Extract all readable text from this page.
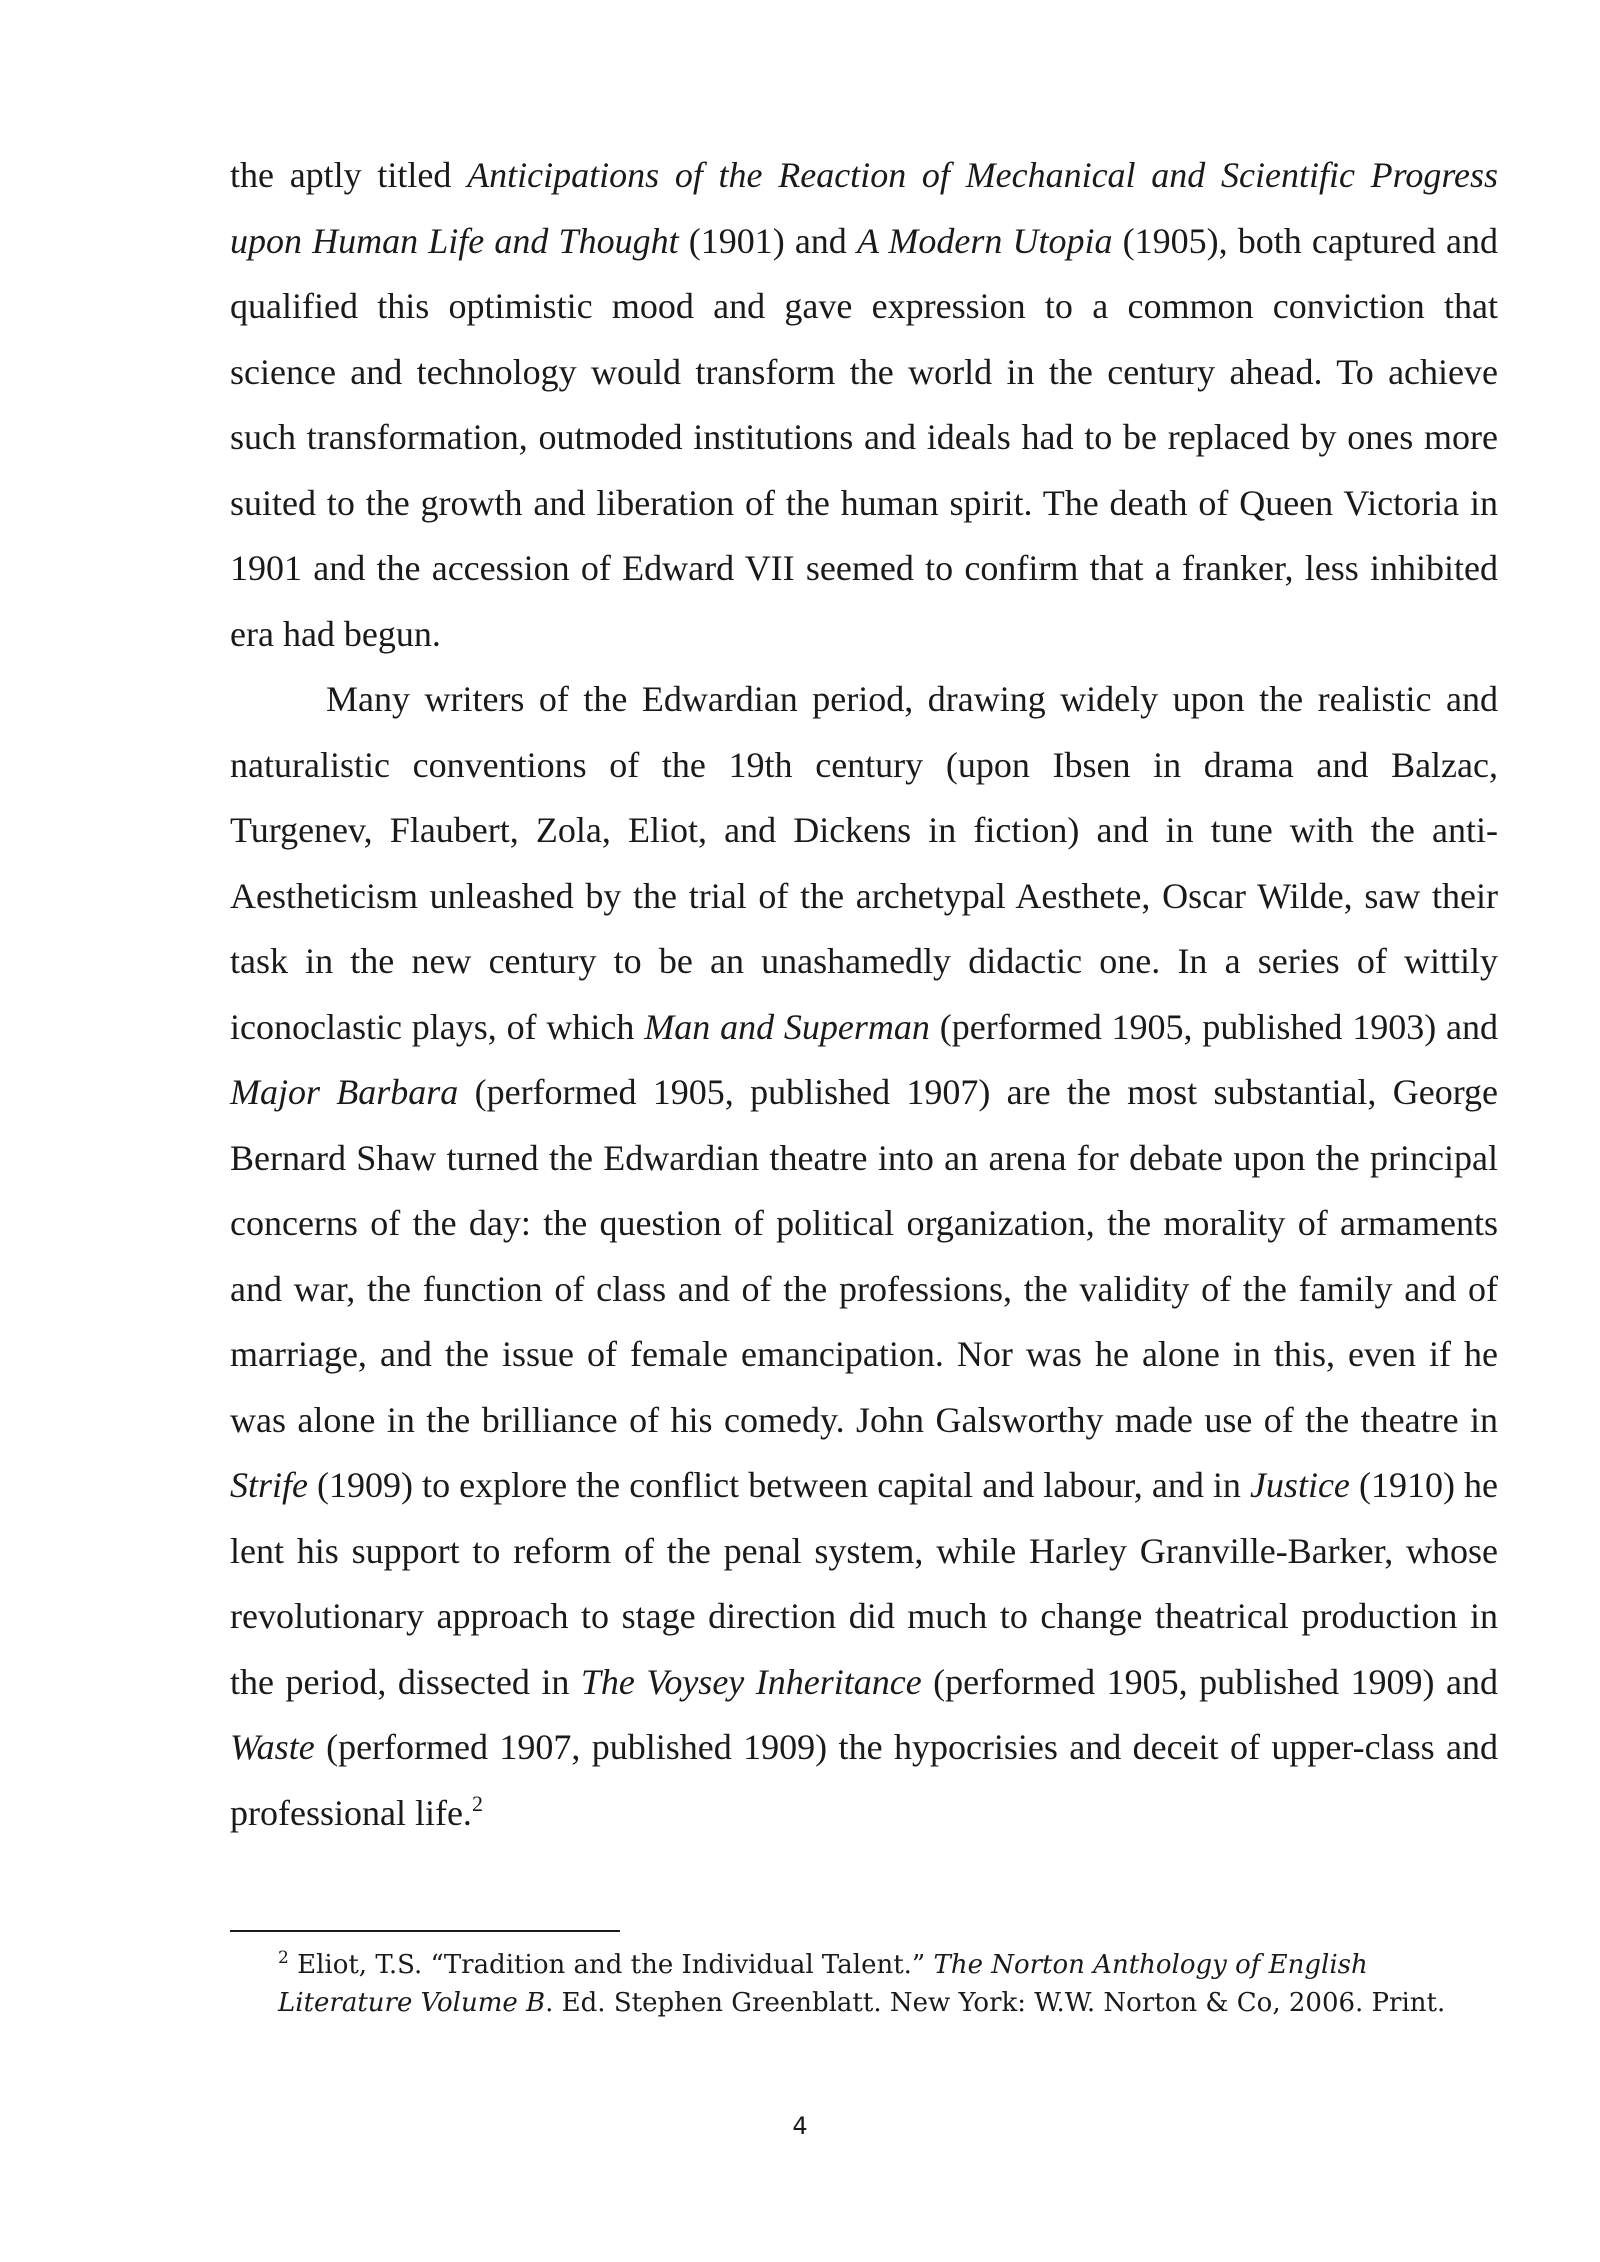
the aptly titled Anticipations of the Reaction of Mechanical and Scientific Progress upon Human Life and Thought (1901) and A Modern Utopia (1905), both captured and qualified this optimistic mood and gave expression to a common conviction that science and technology would transform the world in the century ahead. To achieve such transformation, outmoded institutions and ideals had to be replaced by ones more suited to the growth and liberation of the human spirit. The death of Queen Victoria in 1901 and the accession of Edward VII seemed to confirm that a franker, less inhibited era had begun.

Many writers of the Edwardian period, drawing widely upon the realistic and naturalistic conventions of the 19th century (upon Ibsen in drama and Balzac, Turgenev, Flaubert, Zola, Eliot, and Dickens in fiction) and in tune with the anti-Aestheticism unleashed by the trial of the archetypal Aesthete, Oscar Wilde, saw their task in the new century to be an unashamedly didactic one. In a series of wittily iconoclastic plays, of which Man and Superman (performed 1905, published 1903) and Major Barbara (performed 1905, published 1907) are the most substantial, George Bernard Shaw turned the Edwardian theatre into an arena for debate upon the principal concerns of the day: the question of political organization, the morality of armaments and war, the function of class and of the professions, the validity of the family and of marriage, and the issue of female emancipation. Nor was he alone in this, even if he was alone in the brilliance of his comedy. John Galsworthy made use of the theatre in Strife (1909) to explore the conflict between capital and labour, and in Justice (1910) he lent his support to reform of the penal system, while Harley Granville-Barker, whose revolutionary approach to stage direction did much to change theatrical production in the period, dissected in The Voysey Inheritance (performed 1905, published 1909) and Waste (performed 1907, published 1909) the hypocrisies and deceit of upper-class and professional life.$^2$

$^2$ Eliot, T.S. “Tradition and the Individual Talent.” The Norton Anthology of English Literature Volume B. Ed. Stephen Greenblatt. New York: W.W. Norton & Co, 2006. Print.

4
